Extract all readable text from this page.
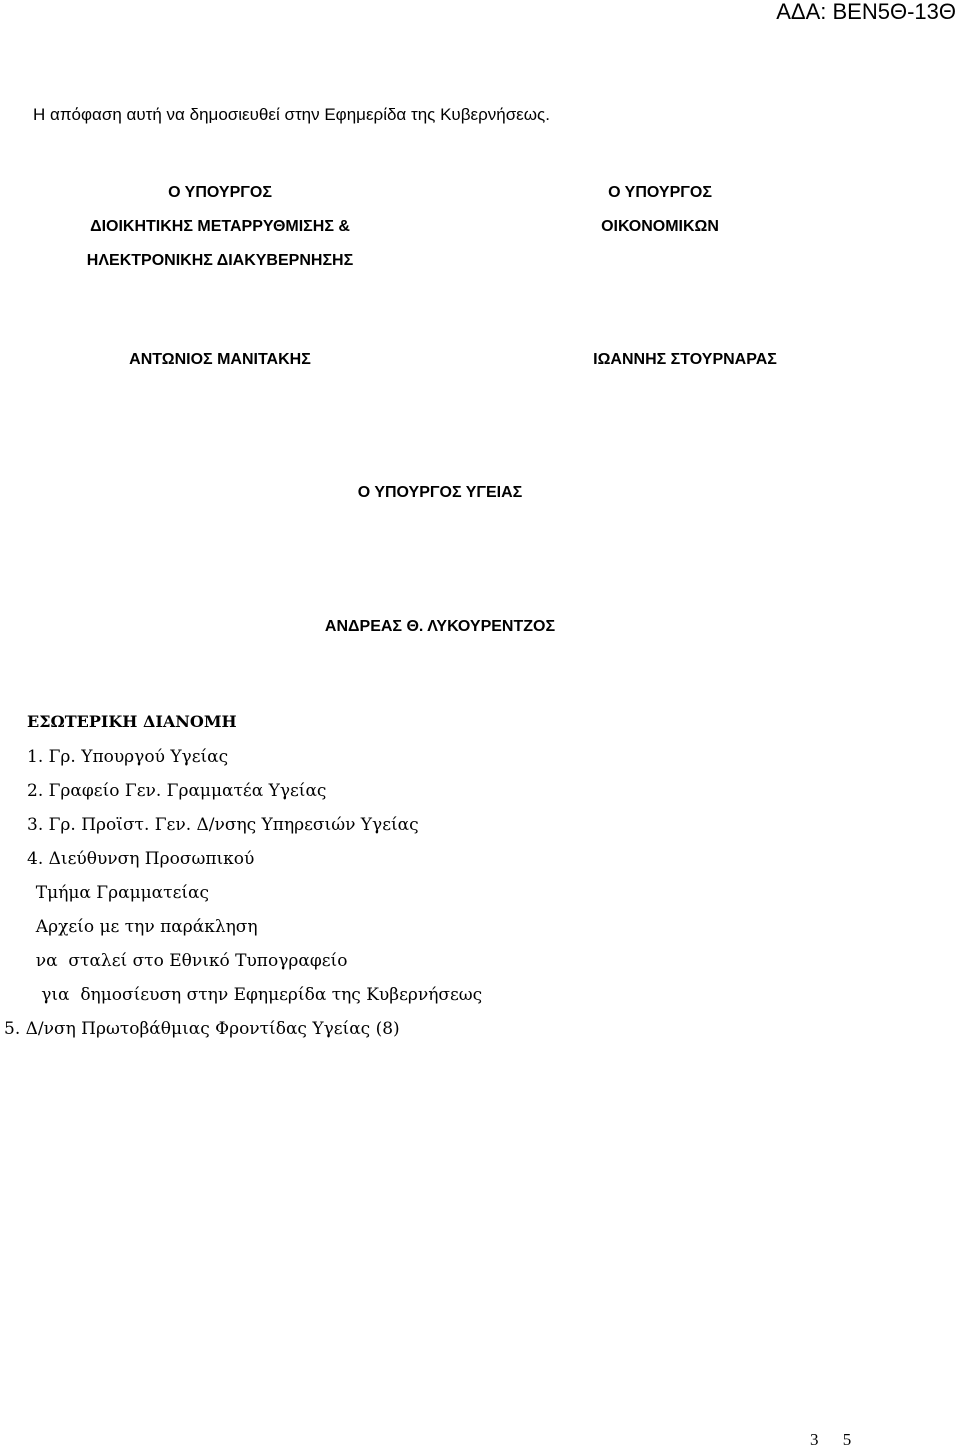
ΑΔΑ: ΒΕΝ5Θ-13Θ
Η απόφαση αυτή να δημοσιευθεί στην Εφημερίδα της Κυβερνήσεως.
Ο ΥΠΟΥΡΓΟΣ
ΔΙΟΙΚΗΤΙΚΗΣ ΜΕΤΑΡΡΥΘΜΙΣΗΣ &
ΗΛΕΚΤΡΟΝΙΚΗΣ ΔΙΑΚΥΒΕΡΝΗΣΗΣ
Ο ΥΠΟΥΡΓΟΣ
ΟΙΚΟΝΟΜΙΚΩΝ
ΑΝΤΩΝΙΟΣ ΜΑΝΙΤΑΚΗΣ	ΙΩΑΝΝΗΣ ΣΤΟΥΡΝΑΡΑΣ
Ο ΥΠΟΥΡΓΟΣ ΥΓΕΙΑΣ
ΑΝΔΡΕΑΣ Θ. ΛΥΚΟΥΡΕΝΤΖΟΣ
ΕΣΩΤΕΡΙΚΗ ΔΙΑΝΟΜΗ
1. Γρ. Υπουργού Υγείας
2. Γραφείο Γεν. Γραμματέα Υγείας
3. Γρ. Προϊστ. Γεν. Δ/νσης Υπηρεσιών Υγείας
4. Διεύθυνση Προσωπικού
Τμήμα Γραμματείας
Αρχείο με την παράκληση
να  σταλεί στο Εθνικό Τυπογραφείο
για  δημοσίευση στην Εφημερίδα της Κυβερνήσεως
5. Δ/νση Πρωτοβάθμιας Φροντίδας Υγείας (8)
3 5
